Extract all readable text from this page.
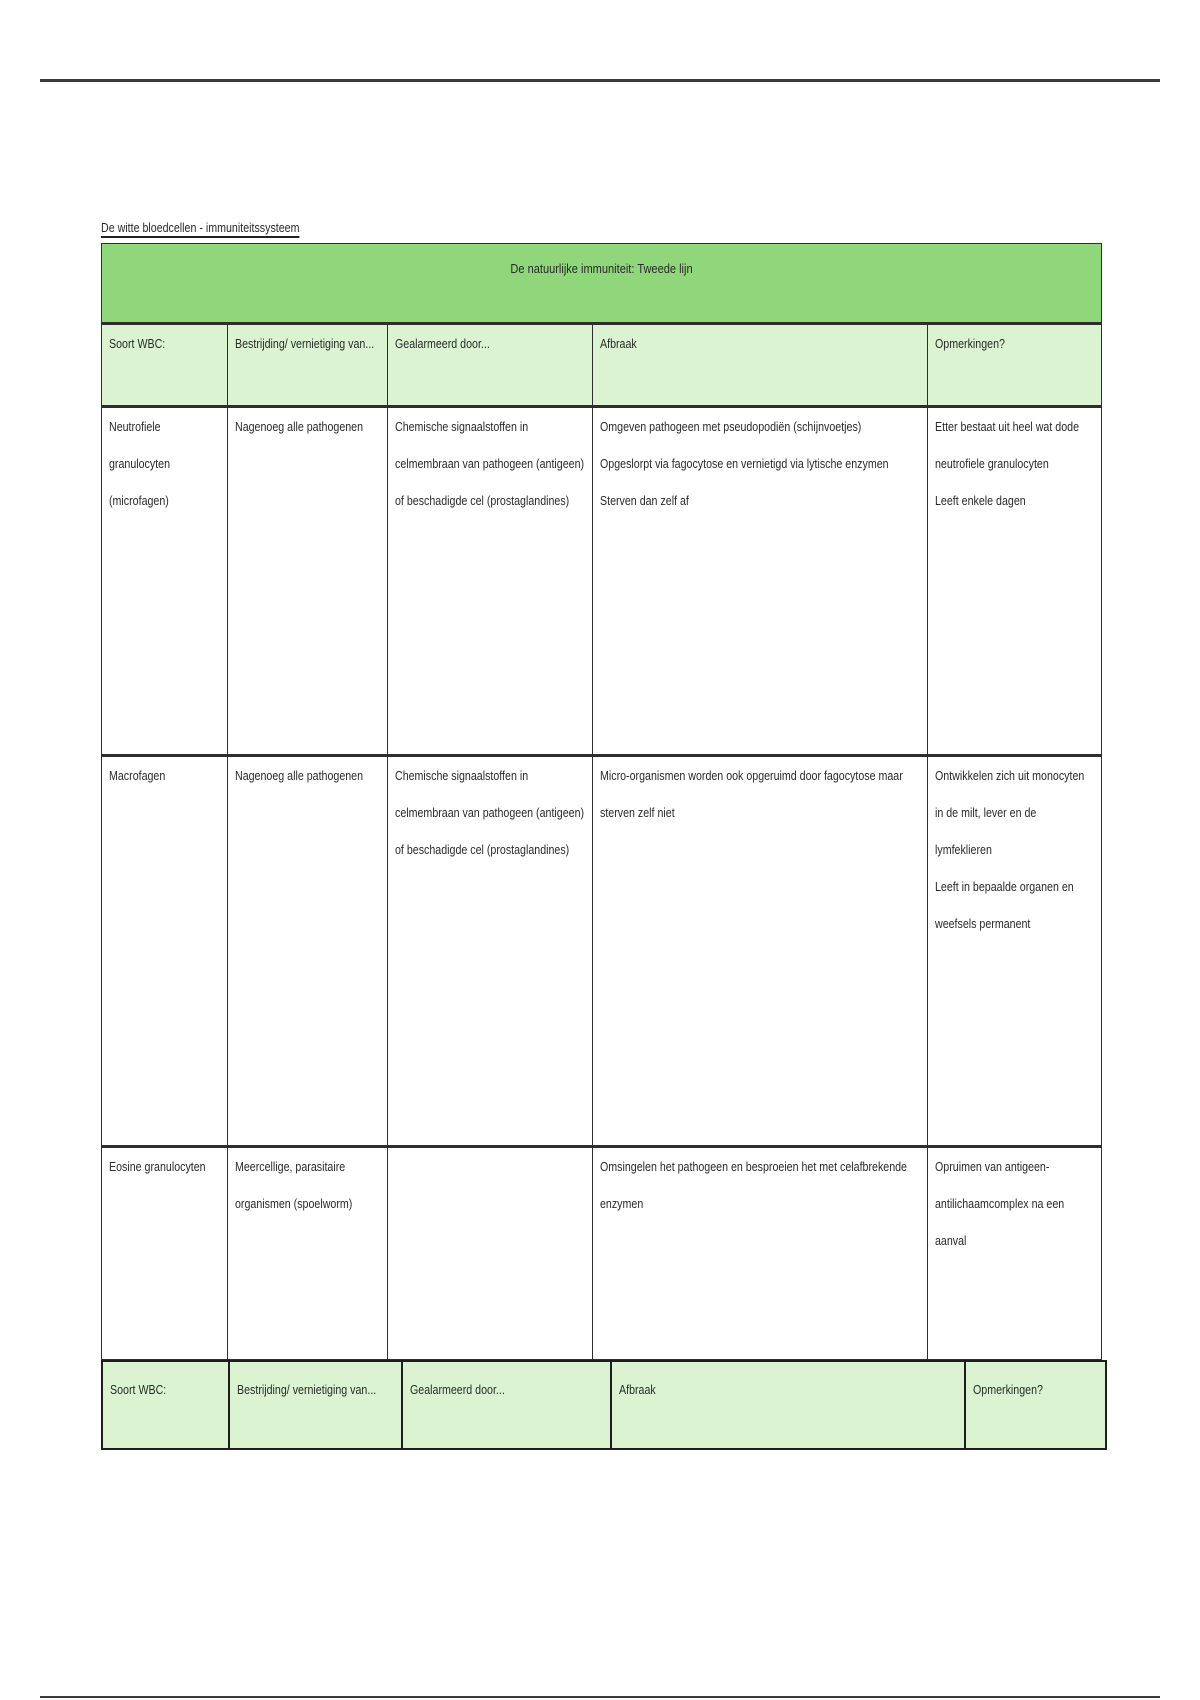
De witte bloedcellen - immuniteitssysteem
De natuurlijke immuniteit: Tweede lijn				

Soort WBC:	Bestrijding/ vernietiging van...	Gealarmeerd door...	Afbraak	Opmerkingen?

Neutrofiele
granulocyten
(microfagen)	Nagenoeg alle pathogenen	Chemische signaalstoffen in
celmembraan van pathogeen (antigeen)
of beschadigde cel (prostaglandines)	Omgeven pathogeen met pseudopodiën (schijnvoetjes)
Opgeslorpt via fagocytose en vernietigd via lytische enzymen
Sterven dan zelf af	Etter bestaat uit heel wat dode
neutrofiele granulocyten
Leeft enkele dagen

Macrofagen	Nagenoeg alle pathogenen	Chemische signaalstoffen in
celmembraan van pathogeen (antigeen)
of beschadigde cel (prostaglandines)	Micro-organismen worden ook opgeruimd door fagocytose maar
sterven zelf niet	Ontwikkelen zich uit monocyten
in de milt, lever en de
lymfeklieren
Leeft in bepaalde organen en
weefsels permanent

Eosine granulocyten	Meercellige, parasitaire
organismen (spoelworm)		Omsingelen het pathogeen en besproeien het met celafbrekende
enzymen	Opruimen van antigeen-
antilichaamcomplex na een
aanval
Soort WBC:	Bestrijding/ vernietiging van...	Gealarmeerd door...	Afbraak	Opmerkingen?
